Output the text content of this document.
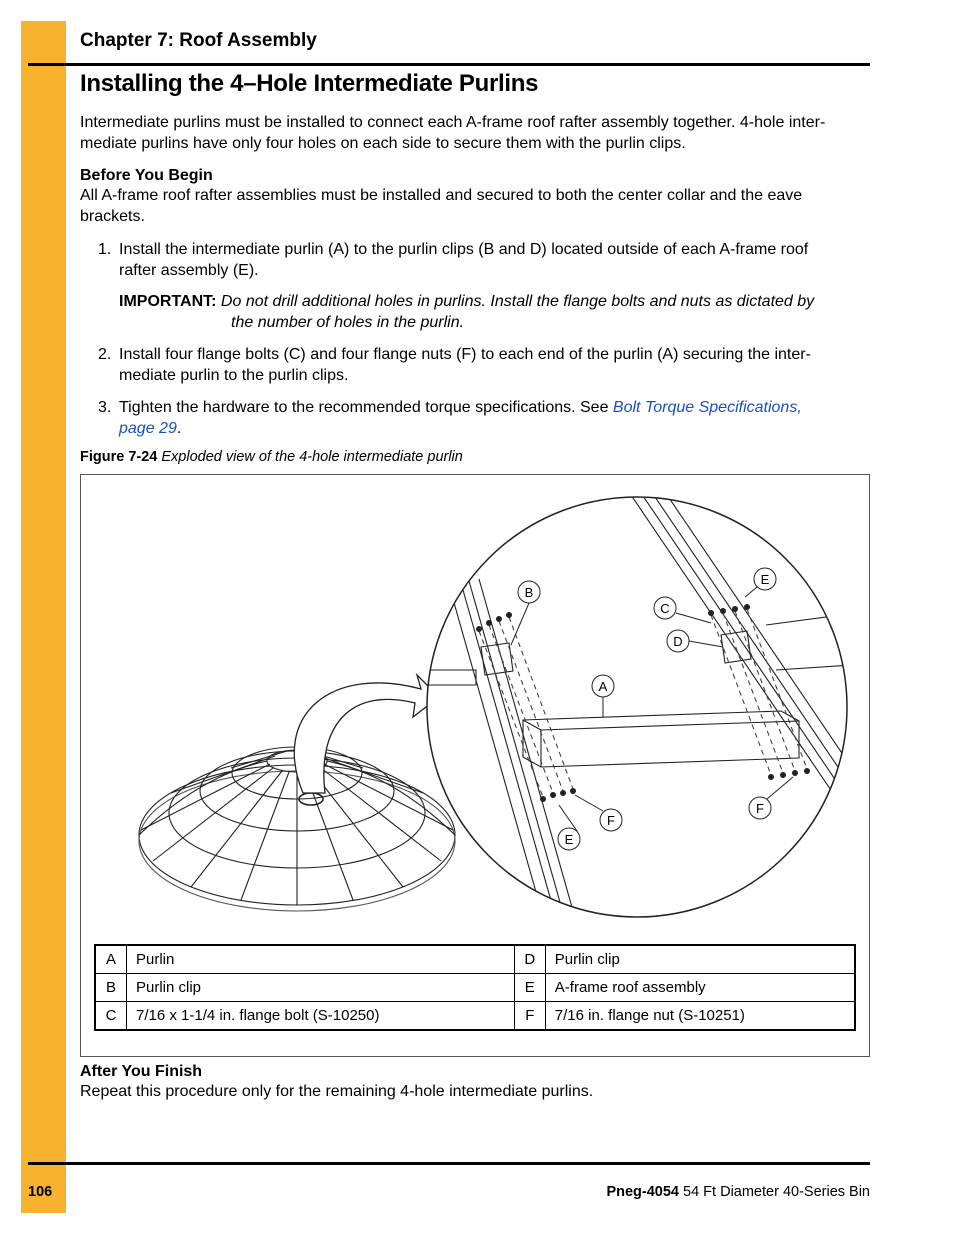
Chapter 7: Roof Assembly
Installing the 4–Hole Intermediate Purlins
Intermediate purlins must be installed to connect each A-frame roof rafter assembly together. 4-hole inter-
mediate purlins have only four holes on each side to secure them with the purlin clips.
Before You Begin
All A-frame roof rafter assemblies must be installed and secured to both the center collar and the eave
brackets.
1. Install the intermediate purlin (A) to the purlin clips (B and D) located outside of each A-frame roof
rafter assembly (E).
IMPORTANT: Do not drill additional holes in purlins. Install the flange bolts and nuts as dictated by
the number of holes in the purlin.
2. Install four flange bolts (C) and four flange nuts (F) to each end of the purlin (A) securing the inter-
mediate purlin to the purlin clips.
3. Tighten the hardware to the recommended torque specifications. See Bolt Torque Specifications,
page 29.
Figure 7-24 Exploded view of the 4-hole intermediate purlin
B
C
D
E
A
F
F
E
A	Purlin	D	Purlin clip
B	Purlin clip	E	A-frame roof assembly
C	7/16 x 1-1/4 in. flange bolt (S-10250)	F	7/16 in. flange nut (S-10251)
After You Finish
Repeat this procedure only for the remaining 4-hole intermediate purlins.
106	Pneg-4054 54 Ft Diameter 40-Series Bin
